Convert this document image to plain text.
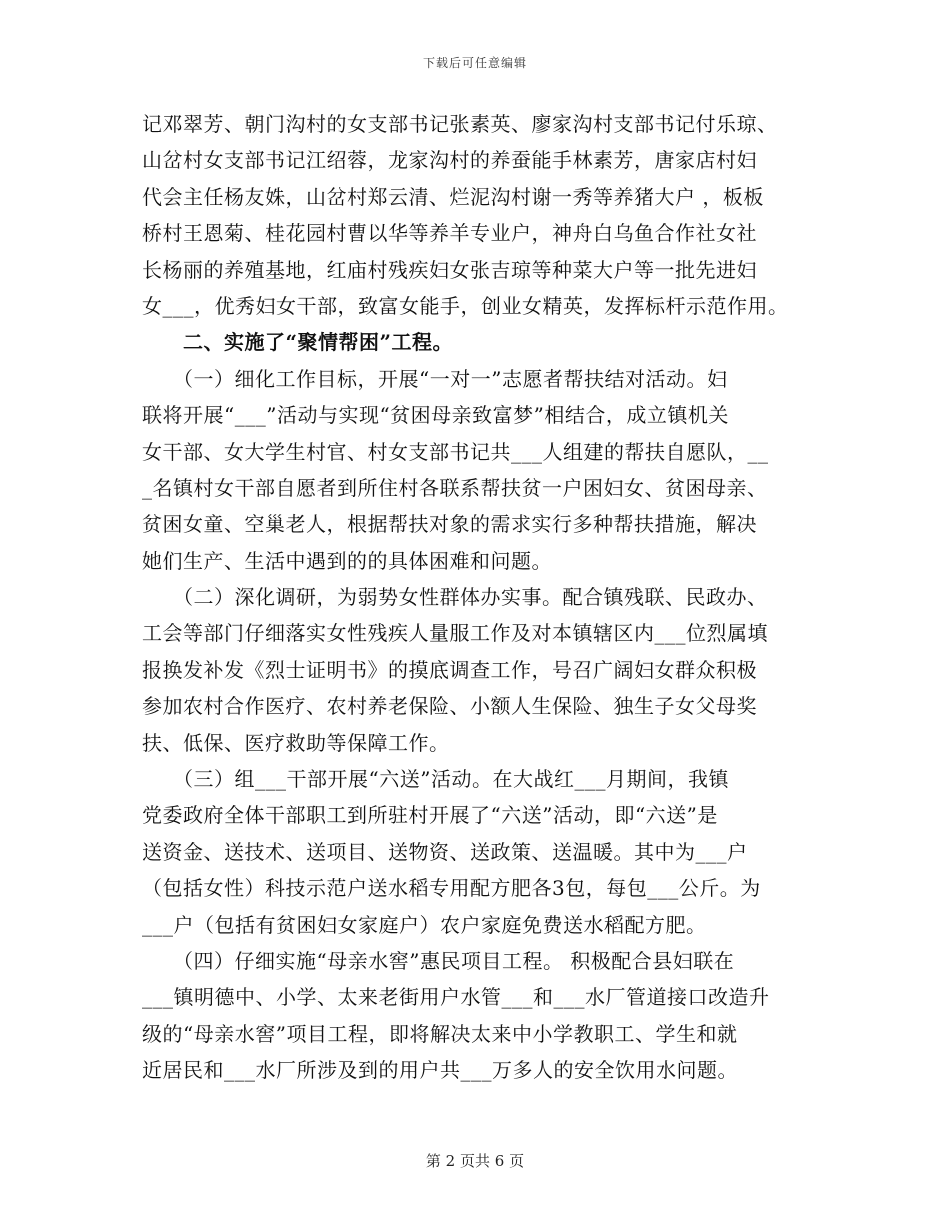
下载后可任意编辑
记邓翠芳、朝门沟村的女支部书记张素英、廖家沟村支部书记付乐琼、
山岔村女支部书记江绍蓉，龙家沟村的养蚕能手林素芳，唐家店村妇
代会主任杨友姝，山岔村郑云清、烂泥沟村谢一秀等养猪大户 ，板板
桥村王恩菊、桂花园村曹以华等养羊专业户，神舟白乌鱼合作社女社
长杨丽的养殖基地，红庙村残疾妇女张吉琼等种菜大户等一批先进妇
女___，优秀妇女干部，致富女能手，创业女精英，发挥标杆示范作用。
　　二、实施了“聚情帮困”工程。
　　（一）细化工作目标，开展“一对一”志愿者帮扶结对活动。妇
联将开展“___”活动与实现“贫困母亲致富梦”相结合，成立镇机关
女干部、女大学生村官、村女支部书记共___人组建的帮扶自愿队，__
_名镇村女干部自愿者到所住村各联系帮扶贫一户困妇女、贫困母亲、
贫困女童、空巢老人，根据帮扶对象的需求实行多种帮扶措施，解决
她们生产、生活中遇到的的具体困难和问题。
　　（二）深化调研，为弱势女性群体办实事。配合镇残联、民政办、
工会等部门仔细落实女性残疾人量服工作及对本镇辖区内___位烈属填
报换发补发《烈士证明书》的摸底调查工作，号召广阔妇女群众积极
参加农村合作医疗、农村养老保险、小额人生保险、独生子女父母奖
扶、低保、医疗救助等保障工作。
　　（三）组___干部开展“六送”活动。在大战红___月期间，我镇
党委政府全体干部职工到所驻村开展了“六送”活动，即“六送”是
送资金、送技术、送项目、送物资、送政策、送温暖。其中为___户
（包括女性）科技示范户送水稻专用配方肥各3包，每包___公斤。为
___户（包括有贫困妇女家庭户）农户家庭免费送水稻配方肥。
　　（四）仔细实施“母亲水窖”惠民项目工程。 积极配合县妇联在
___镇明德中、小学、太来老街用户水管___和___水厂管道接口改造升
级的“母亲水窖”项目工程，即将解决太来中小学教职工、学生和就
近居民和___水厂所涉及到的用户共___万多人的安全饮用水问题。
第 2 页共 6 页
